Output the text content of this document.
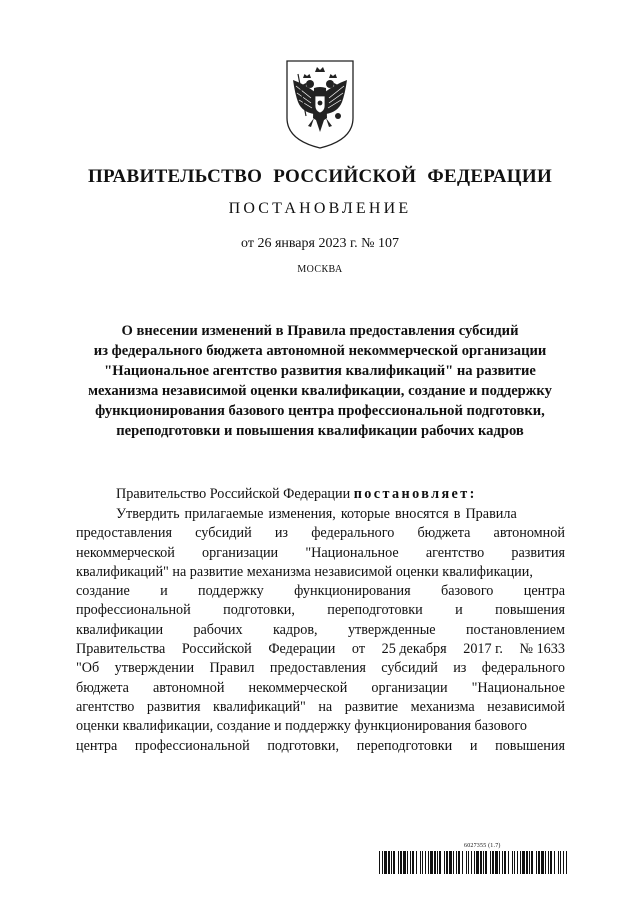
ПРАВИТЕЛЬСТВО РОССИЙСКОЙ ФЕДЕРАЦИИ
ПОСТАНОВЛЕНИЕ
от 26 января 2023 г. № 107
МОСКВА
О внесении изменений в Правила предоставления субсидий
из федерального бюджета автономной некоммерческой организации
"Национальное агентство развития квалификаций" на развитие
механизма независимой оценки квалификации, создание и поддержку
функционирования базового центра профессиональной подготовки,
переподготовки и повышения квалификации рабочих кадров
Правительство Российской Федерации постановляет:
Утвердить прилагаемые изменения, которые вносятся в Правила
предоставления субсидий из федерального бюджета автономной
некоммерческой организации "Национальное агентство развития
квалификаций" на развитие механизма независимой оценки квалификации,
создание и поддержку функционирования базового центра
профессиональной подготовки, переподготовки и повышения
квалификации рабочих кадров, утвержденные постановлением
Правительства Российской Федерации от 25 декабря 2017 г. № 1633
"Об утверждении Правил предоставления субсидий из федерального
бюджета автономной некоммерческой организации "Национальное
агентство развития квалификаций" на развитие механизма независимой
оценки квалификации, создание и поддержку функционирования базового
центра профессиональной подготовки, переподготовки и повышения
6027355 (1.7)
